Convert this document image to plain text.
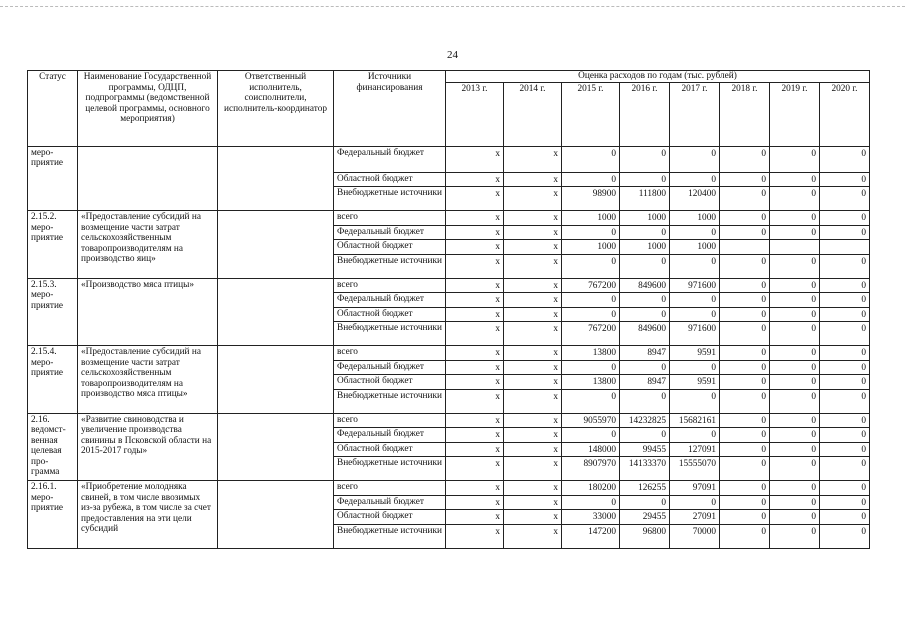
24
Статус	Наименование Государственной программы, ОДЦП, подпрограммы (ведомственной целевой программы, основного мероприятия)	Ответственный исполнитель, соисполнители, исполнитель-координатор	Источники финансирования	Оценка расходов по годам (тыс. рублей)							
				2013 г.	2014 г.	2015 г.	2016 г.	2017 г.	2018 г.	2019 г.	2020 г.
меро-приятие			Федеральный бюджет	x	x	0	0	0	0	0	0
			Областной бюджет	x	x	0	0	0	0	0	0
			Внебюджетные источники	x	x	98900	111800	120400	0	0	0
2.15.2. меро-приятие	«Предоставление субсидий на возмещение части затрат сельскохозяйственным товаропроизводителям на производство яиц»		всего	x	x	1000	1000	1000	0	0	0
			Федеральный бюджет	x	x	0	0	0	0	0	0
			Областной бюджет	x	x	1000	1000	1000			
			Внебюджетные источники	x	x	0	0	0	0	0	0
2.15.3. меро-приятие	«Производство мяса птицы»		всего	x	x	767200	849600	971600	0	0	0
			Федеральный бюджет	x	x	0	0	0	0	0	0
			Областной бюджет	x	x	0	0	0	0	0	0
			Внебюджетные источники	x	x	767200	849600	971600	0	0	0
2.15.4. меро-приятие	«Предоставление субсидий на возмещение части затрат сельскохозяйственным товаропроизводителям на производство мяса птицы»		всего	x	x	13800	8947	9591	0	0	0
			Федеральный бюджет	x	x	0	0	0	0	0	0
			Областной бюджет	x	x	13800	8947	9591	0	0	0
			Внебюджетные источники	x	x	0	0	0	0	0	0
2.16. ведомст-венная целевая про-грамма	«Развитие свиноводства и увеличение производства свинины в Псковской области на 2015-2017 годы»		всего	x	x	9055970	14232825	15682161	0	0	0
			Федеральный бюджет	x	x	0	0	0	0	0	0
			Областной бюджет	x	x	148000	99455	127091	0	0	0
			Внебюджетные источники	x	x	8907970	14133370	15555070	0	0	0
2.16.1. меро-приятие	«Приобретение молодняка свиней, в том числе ввозимых из-за рубежа, в том числе за счет предоставления на эти цели субсидий		всего	x	x	180200	126255	97091	0	0	0
			Федеральный бюджет	x	x	0	0	0	0	0	0
			Областной бюджет	x	x	33000	29455	27091	0	0	0
			Внебюджетные источники	x	x	147200	96800	70000	0	0	0
